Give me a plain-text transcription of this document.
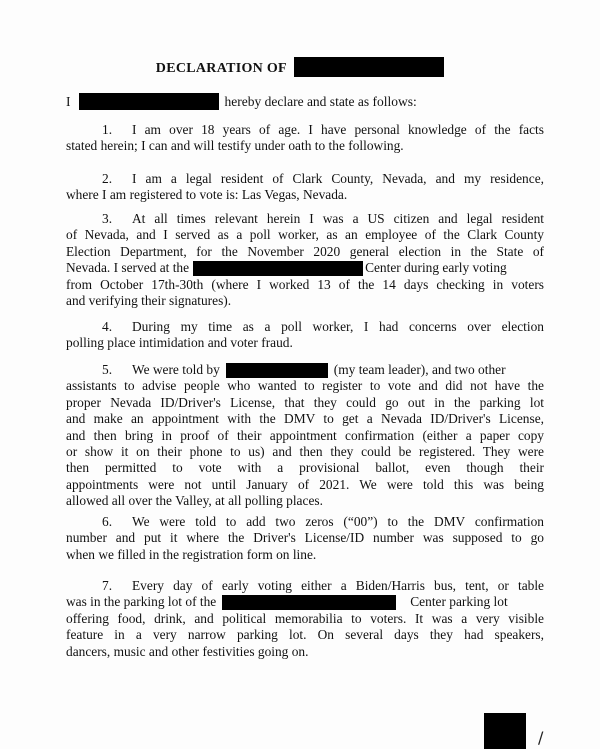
DECLARATION OF
I	hereby declare and state as follows:
1. I am over 18 years of age. I have personal knowledge of the facts
stated herein; I can and will testify under oath to the following.
2. I am a legal resident of Clark County, Nevada, and my residence,
where I am registered to vote is: Las Vegas, Nevada.
3. At all times relevant herein I was a US citizen and legal resident
of Nevada, and I served as a poll worker, as an employee of the Clark County
Election Department, for the November 2020 general election in the State of
Nevada. I served at the	Center during early voting
from October 17th-30th (where I worked 13 of the 14 days checking in voters
and verifying their signatures).
4. During my time as a poll worker, I had concerns over election
polling place intimidation and voter fraud.
5. We were told by	(my team leader), and two other
assistants to advise people who wanted to register to vote and did not have the
proper Nevada ID/Driver's License, that they could go out in the parking lot
and make an appointment with the DMV to get a Nevada ID/Driver's License,
and then bring in proof of their appointment confirmation (either a paper copy
or show it on their phone to us) and then they could be registered. They were
then permitted to vote with a provisional ballot, even though their
appointments were not until January of 2021. We were told this was being
allowed all over the Valley, at all polling places.
6. We were told to add two zeros (“00”) to the DMV confirmation
number and put it where the Driver's License/ID number was supposed to go
when we filled in the registration form on line.
7. Every day of early voting either a Biden/Harris bus, tent, or table
was in the parking lot of the	Center parking lot
offering food, drink, and political memorabilia to voters. It was a very visible
feature in a very narrow parking lot. On several days they had speakers,
dancers, music and other festivities going on.
/
